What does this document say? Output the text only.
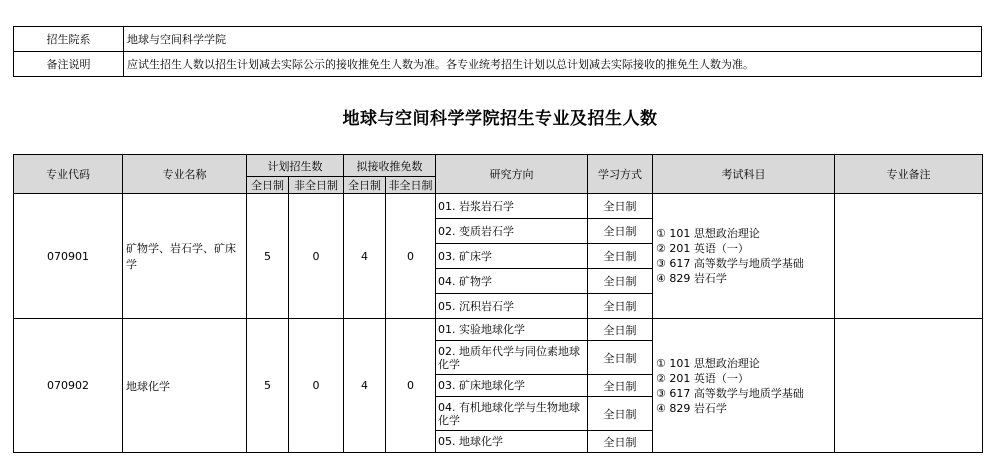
招生院系	地球与空间科学学院
备注说明	应试生招生人数以招生计划减去实际公示的接收推免生人数为准。各专业统考招生计划以总计划减去实际接收的推免生人数为准。
地球与空间科学学院招生专业及招生人数
专业代码	专业名称	计划招生数		拟接收推免数		研究方向	学习方式	考试科目	专业备注
		全日制	非全日制	全日制	非全日制				
070901	矿物学、岩石学、矿床学	5	0	4	0	01. 岩浆岩石学	全日制	① 101 思想政治理论
② 201 英语（一）
③ 617 高等数学与地质学基础
④ 829 岩石学	

						02. 变质岩石学	全日制		
						03. 矿床学	全日制		
						04. 矿物学	全日制		
						05. 沉积岩石学	全日制		
070902	地球化学	5	0	4	0	01. 实验地球化学	全日制	① 101 思想政治理论
② 201 英语（一）
③ 617 高等数学与地质学基础
④ 829 岩石学	

						02. 地质年代学与同位素地球化学	全日制		
						03. 矿床地球化学	全日制		
						04. 有机地球化学与生物地球化学	全日制		
						05. 地球化学	全日制		
